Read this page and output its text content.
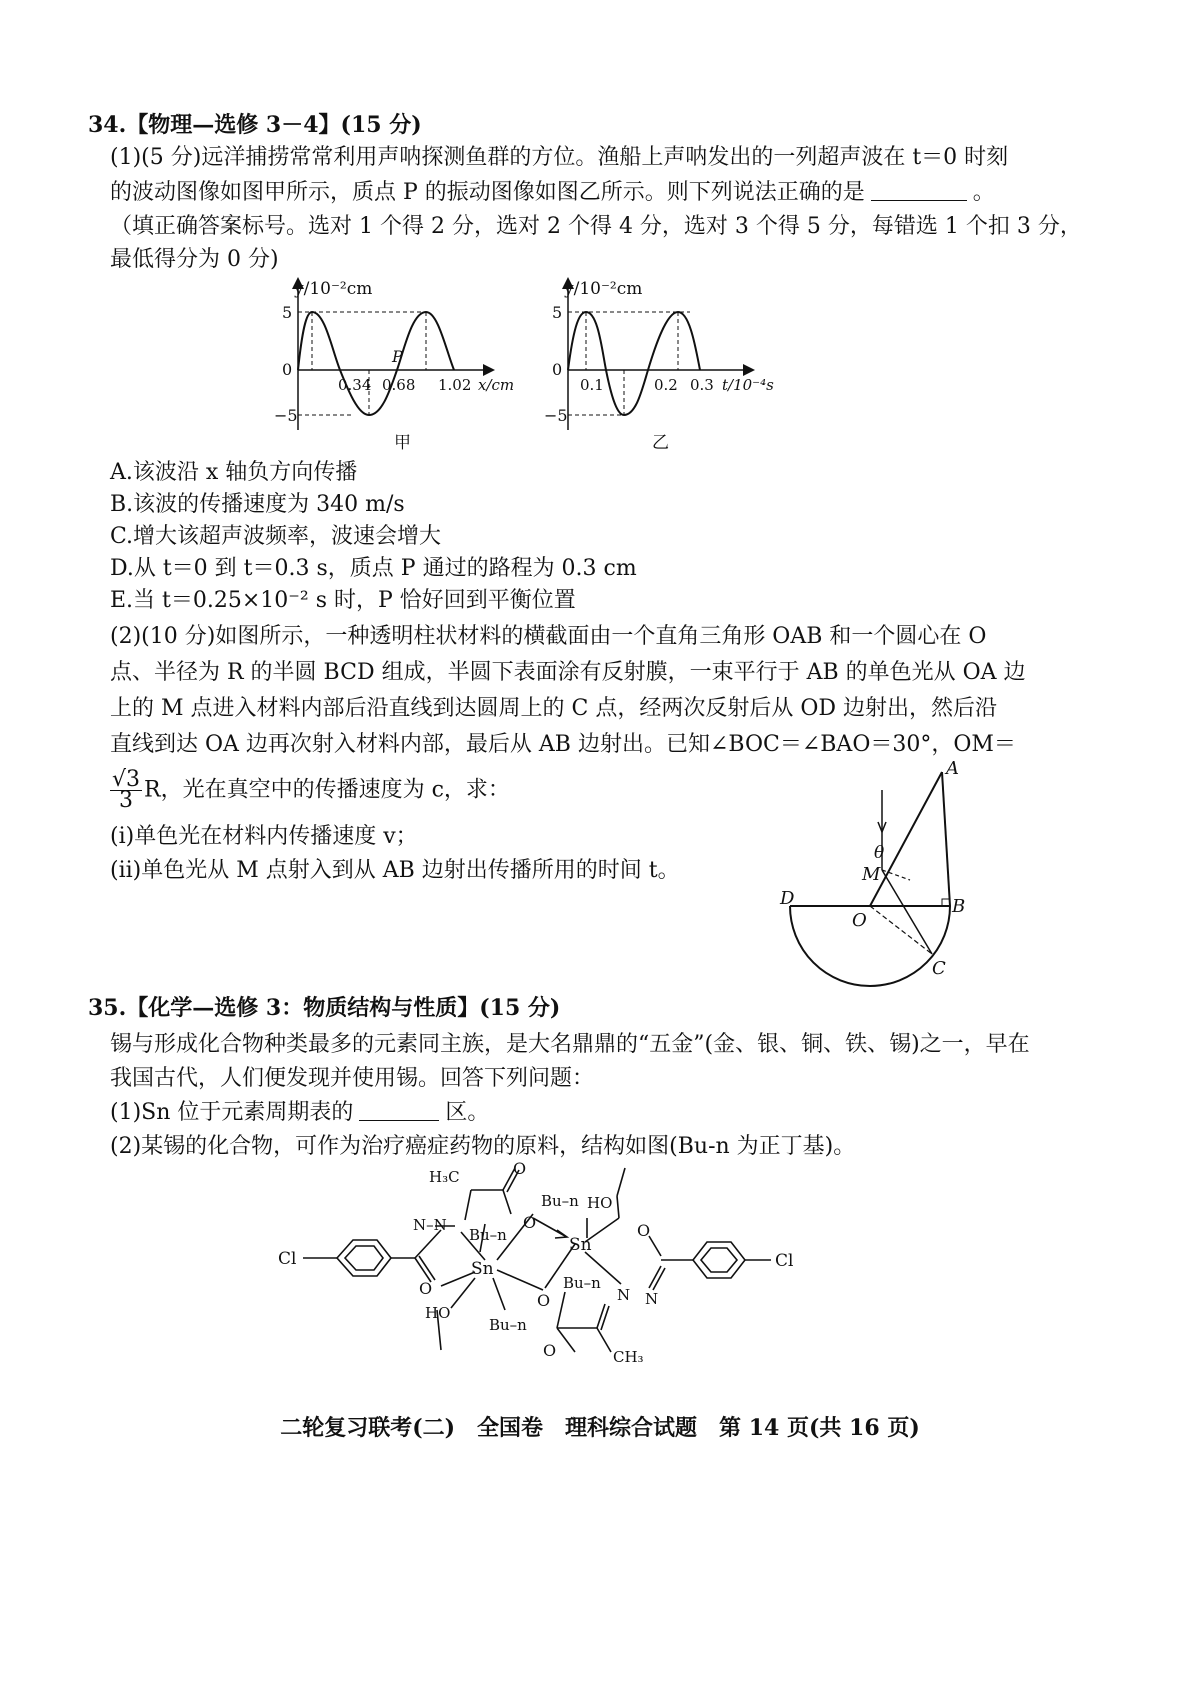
34.【物理—选修 3－4】(15 分)
(1)(5 分)远洋捕捞常常利用声呐探测鱼群的方位。渔船上声呐发出的一列超声波在 t＝0 时刻
的波动图像如图甲所示，质点 P 的振动图像如图乙所示。则下列说法正确的是	。
（填正确答案标号。选对 1 个得 2 分，选对 2 个得 4 分，选对 3 个得 5 分，每错选 1 个扣 3 分，
最低得分为 0 分)
y/10⁻²cm
5
0
−5
0.34 0.68 1.02 x/cm
P
甲
y/10⁻²cm
5
0
−5
0.1	0.2 0.3 t/10⁻⁴s
乙
A.该波沿 x 轴负方向传播
B.该波的传播速度为 340 m/s
C.增大该超声波频率，波速会增大
D.从 t＝0 到 t＝0.3 s，质点 P 通过的路程为 0.3 cm
E.当 t＝0.25×10⁻² s 时，P 恰好回到平衡位置
(2)(10 分)如图所示，一种透明柱状材料的横截面由一个直角三角形 OAB 和一个圆心在 O
点、半径为 R 的半圆 BCD 组成，半圆下表面涂有反射膜，一束平行于 AB 的单色光从 OA 边
上的 M 点进入材料内部后沿直线到达圆周上的 C 点，经两次反射后从 OD 边射出，然后沿
直线到达 OA 边再次射入材料内部，最后从 AB 边射出。已知∠BOC＝∠BAO＝30°，OM＝
$\frac{√3}{3}$ R，光在真空中的传播速度为 c，求：
(ⅰ)单色光在材料内传播速度 v；
(ⅱ)单色光从 M 点射入到从 AB 边射出传播所用的时间 t。
A
B
C
D
O
M
θ
35.【化学—选修 3：物质结构与性质】(15 分)
锡与形成化合物种类最多的元素同主族，是大名鼎鼎的“五金”(金、银、铜、铁、锡)之一，早在
我国古代，人们便发现并使用锡。回答下列问题：
(1)Sn 位于元素周期表的	区。
(2)某锡的化合物，可作为治疗癌症药物的原料，结构如图(Bu-n 为正丁基)。
Cl	Cl
H₃C	O
N–N
Bu–n
Sn
O
HO
Bu–n
O
Bu–n
Sn
HO
O
Bu–n
O	N N
O	CH₃
二轮复习联考(二)　全国卷　理科综合试题　第 14 页(共 16 页)
